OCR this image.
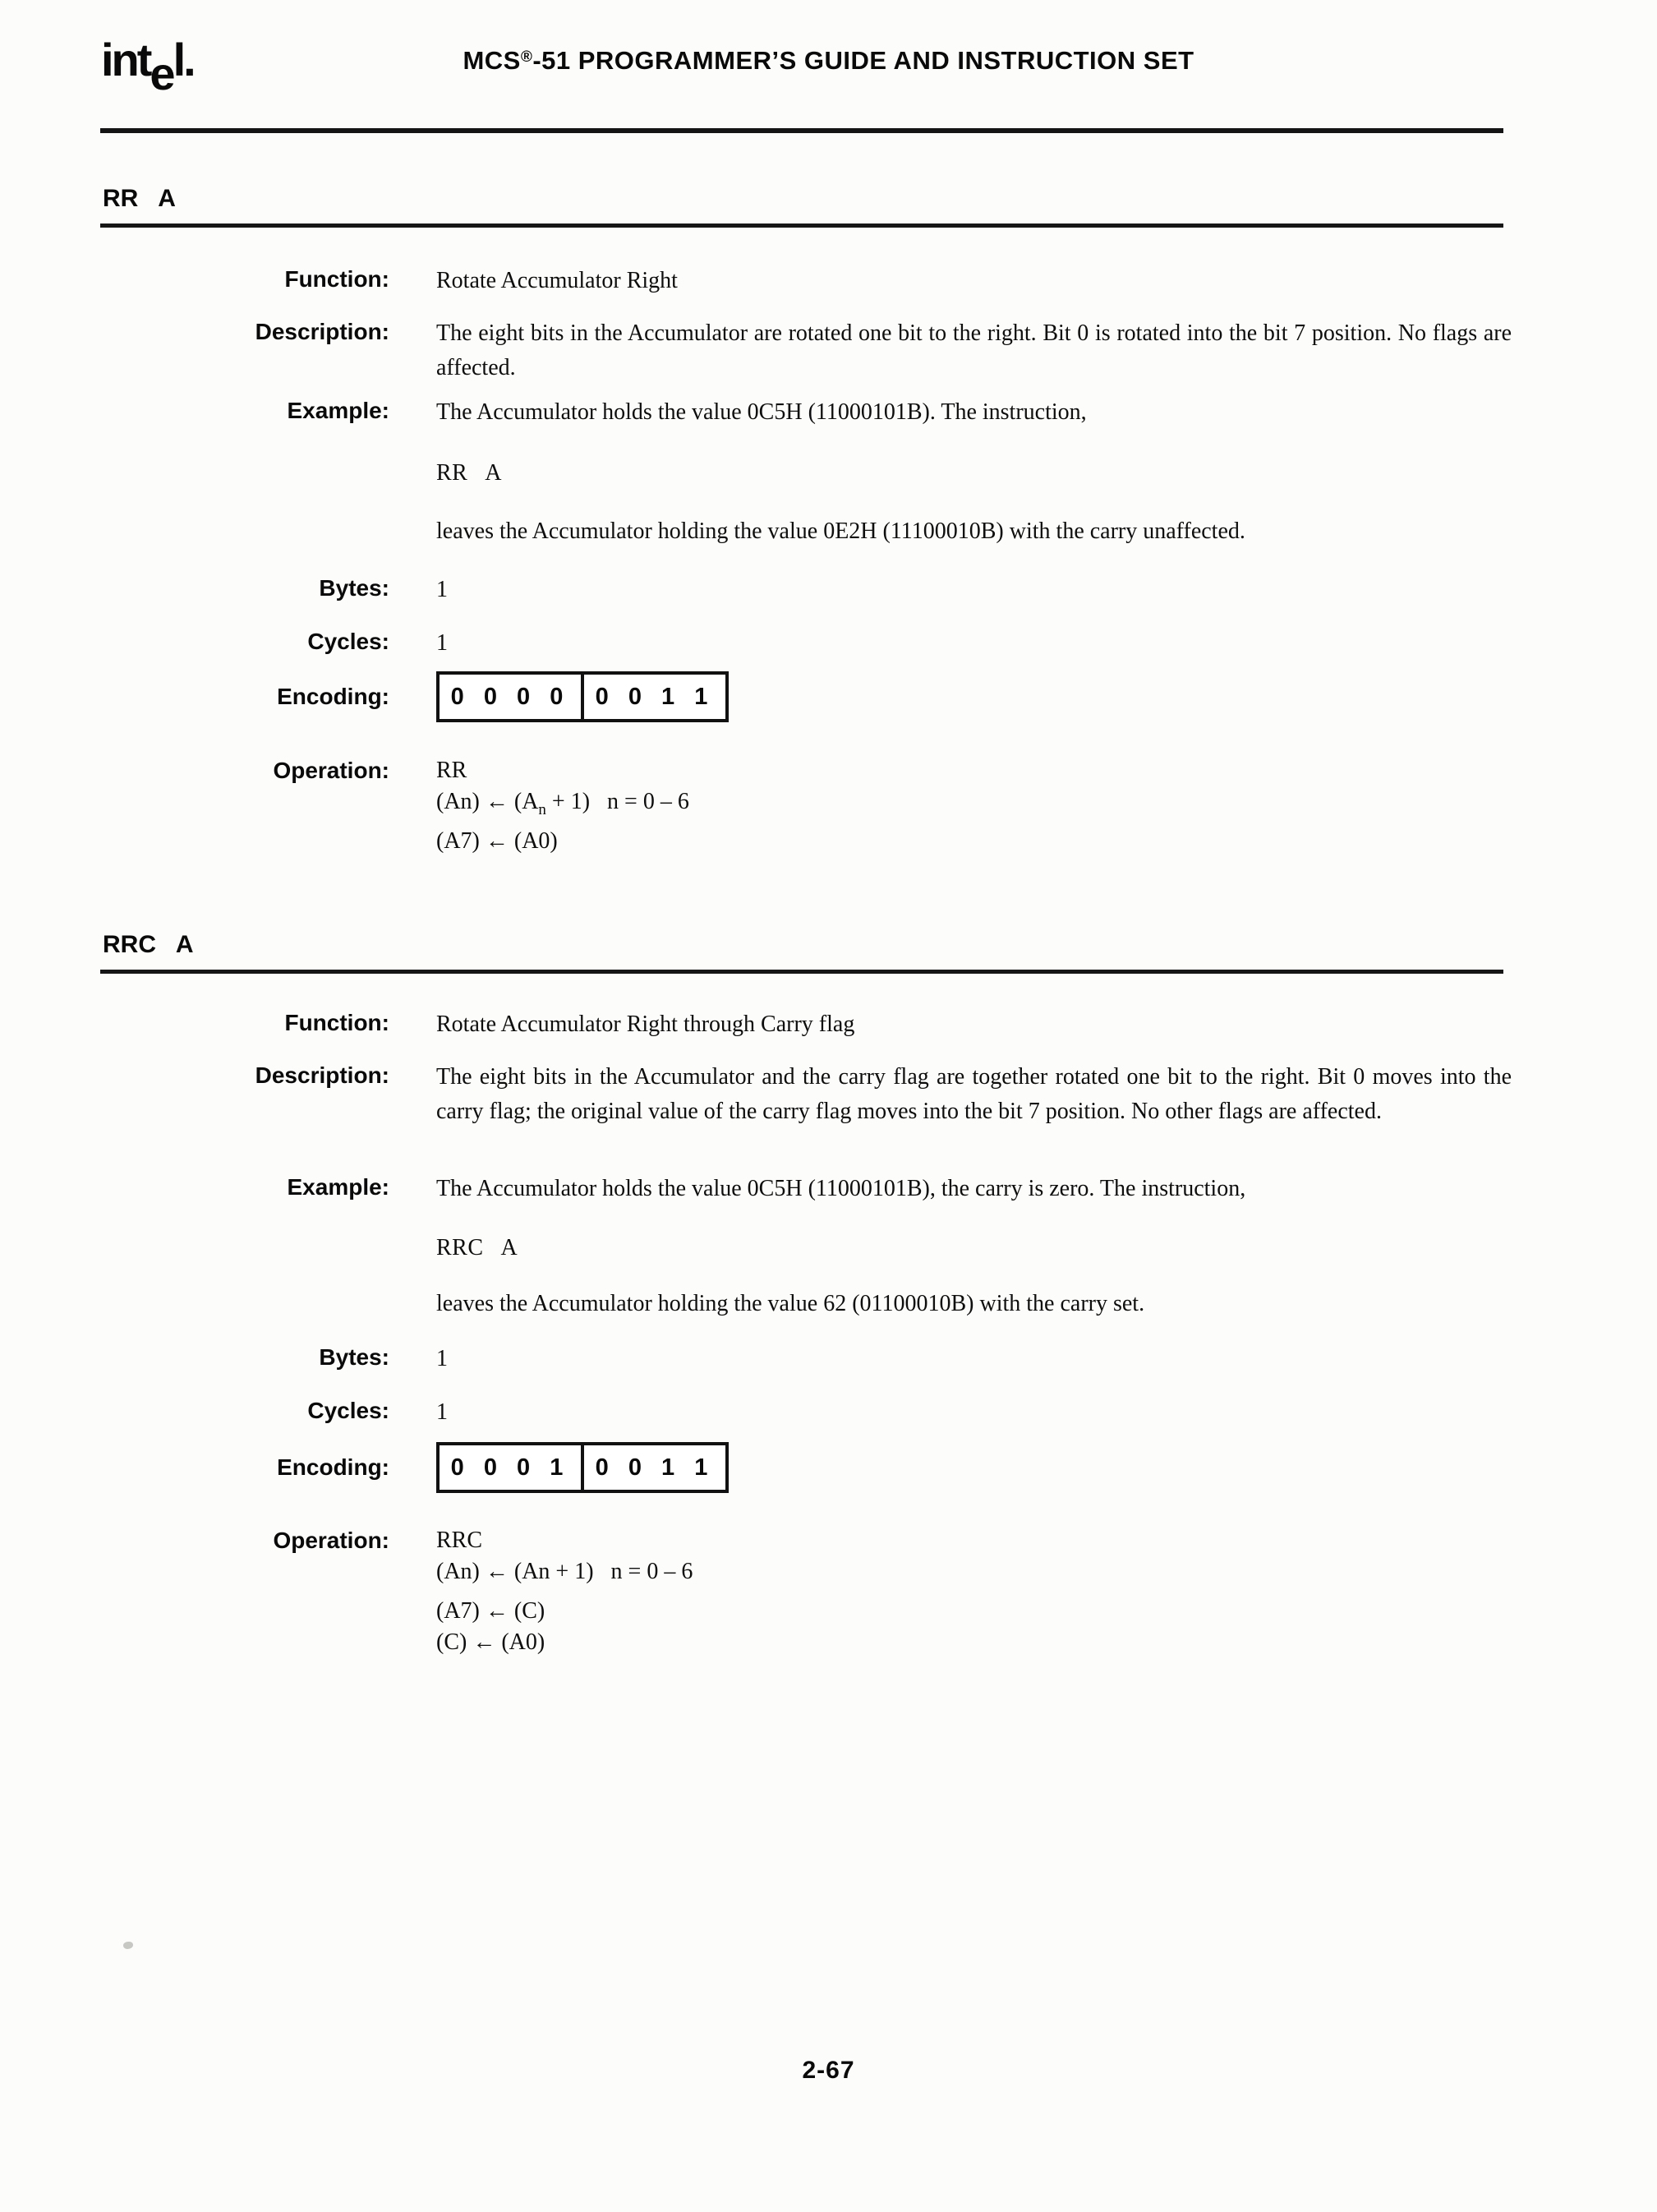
intel.	MCS®-51 PROGRAMMER’S GUIDE AND INSTRUCTION SET
RR   A
Function: Rotate Accumulator Right
Description: The eight bits in the Accumulator are rotated one bit to the right. Bit 0 is rotated into the bit 7 position. No flags are affected.
Example: The Accumulator holds the value 0C5H (11000101B). The instruction,
RR   A
leaves the Accumulator holding the value 0E2H (11100010B) with the carry unaffected.
Bytes: 1
Cycles: 1
Encoding:	0 0 0 0	0 0 1 1
Operation: RR
(An) ← $(A_n + 1) n = 0 - 6$
(A7) ← (A0)
RRC   A
Function: Rotate Accumulator Right through Carry flag
Description: The eight bits in the Accumulator and the carry flag are together rotated one bit to the right. Bit 0 moves into the carry flag; the original value of the carry flag moves into the bit 7 position. No other flags are affected.
Example: The Accumulator holds the value 0C5H (11000101B), the carry is zero. The instruction,
RRC   A
leaves the Accumulator holding the value 62 (01100010B) with the carry set.
Bytes: 1
Cycles: 1
Encoding:	0 0 0 1	0 0 1 1
Operation: RRC
(An) ← (An + 1)   n = 0 – 6
(A7) ← (C)
(C) ← (A0)
2-67
